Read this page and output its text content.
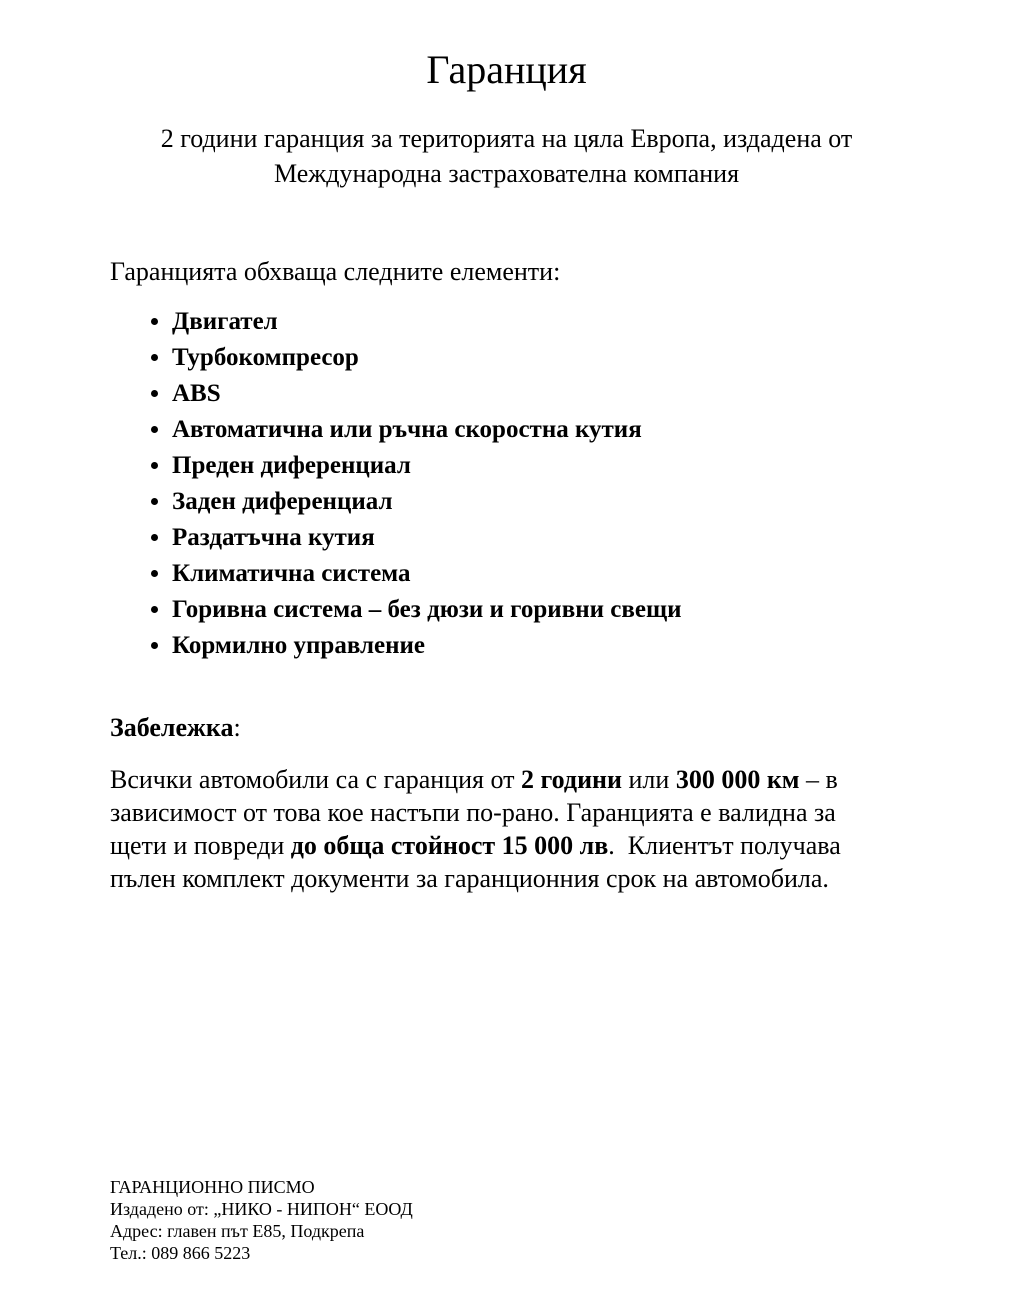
Гаранция
2 години гаранция за територията на цяла Европа, издадена от Международна застрахователна компания
Гаранцията обхваща следните елементи:
• Двигател
• Турбокомпресор
• ABS
• Автоматична или ръчна скоростна кутия
• Преден диференциал
• Заден диференциал
• Раздатъчна кутия
• Климатична система
• Горивна система – без дюзи и горивни свещи
• Кормилно управление
Забележка:
Всички автомобили са с гаранция от 2 години или 300 000 км – в зависимост от това кое настъпи по-рано. Гаранцията е валидна за щети и повреди до обща стойност 15 000 лв.  Клиентът получава пълен комплект документи за гаранционния срок на автомобила.
ГАРАНЦИОННО ПИСМО
Издадено от: „НИКО - НИПОН“ ЕООД
Адрес: главен път E85, Подкрепа
Тел.: 089 866 5223
